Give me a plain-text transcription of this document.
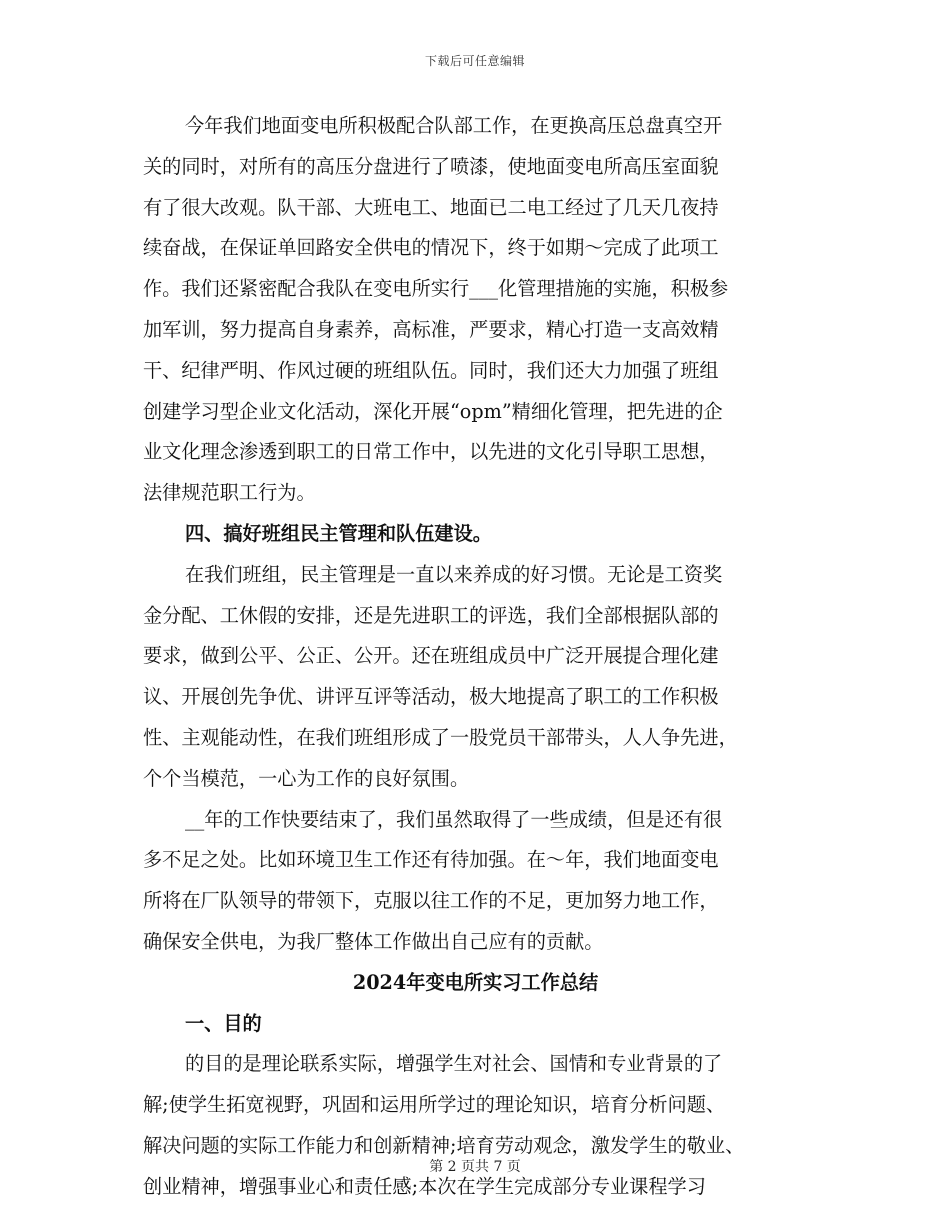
下载后可任意编辑
今年我们地面变电所积极配合队部工作，在更换高压总盘真空开
关的同时，对所有的高压分盘进行了喷漆，使地面变电所高压室面貌
有了很大改观。队干部、大班电工、地面已二电工经过了几天几夜持
续奋战，在保证单回路安全供电的情况下，终于如期～完成了此项工
作。我们还紧密配合我队在变电所实行___化管理措施的实施，积极参
加军训，努力提高自身素养，高标准，严要求，精心打造一支高效精
干、纪律严明、作风过硬的班组队伍。同时，我们还大力加强了班组
创建学习型企业文化活动，深化开展“opm”精细化管理，把先进的企
业文化理念渗透到职工的日常工作中，以先进的文化引导职工思想，
法律规范职工行为。
四、搞好班组民主管理和队伍建设。
在我们班组，民主管理是一直以来养成的好习惯。无论是工资奖
金分配、工休假的安排，还是先进职工的评选，我们全部根据队部的
要求，做到公平、公正、公开。还在班组成员中广泛开展提合理化建
议、开展创先争优、讲评互评等活动，极大地提高了职工的工作积极
性、主观能动性，在我们班组形成了一股党员干部带头，人人争先进，
个个当模范，一心为工作的良好氛围。
__年的工作快要结束了，我们虽然取得了一些成绩，但是还有很
多不足之处。比如环境卫生工作还有待加强。在～年，我们地面变电
所将在厂队领导的带领下，克服以往工作的不足，更加努力地工作，
确保安全供电，为我厂整体工作做出自己应有的贡献。
2024年变电所实习工作总结
一、目的
的目的是理论联系实际，增强学生对社会、国情和专业背景的了
解;使学生拓宽视野，巩固和运用所学过的理论知识，培育分析问题、
解决问题的实际工作能力和创新精神;培育劳动观念，激发学生的敬业、
创业精神，增强事业心和责任感;本次在学生完成部分专业课程学习
第 2 页共 7 页
